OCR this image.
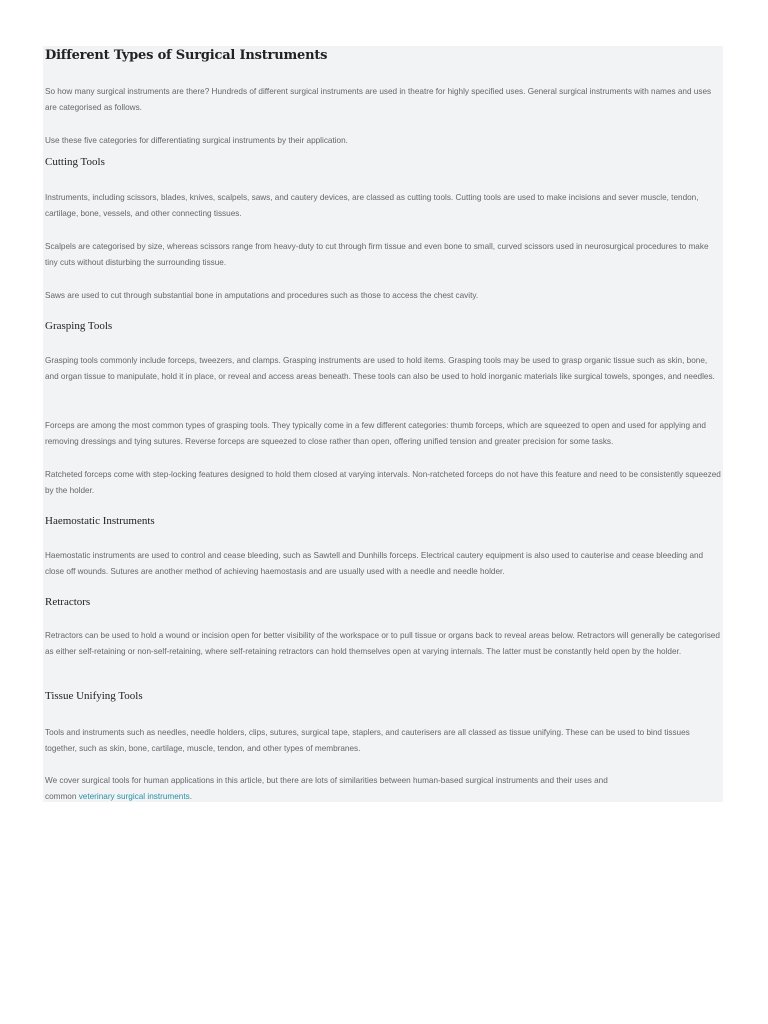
Different Types of Surgical Instruments

So how many surgical instruments are there? Hundreds of different surgical instruments are used in theatre for highly specified uses. General surgical instruments with names and uses are categorised as follows.

Use these five categories for differentiating surgical instruments by their application.

Cutting Tools

Instruments, including scissors, blades, knives, scalpels, saws, and cautery devices, are classed as cutting tools. Cutting tools are used to make incisions and sever muscle, tendon, cartilage, bone, vessels, and other connecting tissues.

Scalpels are categorised by size, whereas scissors range from heavy-duty to cut through firm tissue and even bone to small, curved scissors used in neurosurgical procedures to make tiny cuts without disturbing the surrounding tissue.

Saws are used to cut through substantial bone in amputations and procedures such as those to access the chest cavity.

Grasping Tools

Grasping tools commonly include forceps, tweezers, and clamps. Grasping instruments are used to hold items. Grasping tools may be used to grasp organic tissue such as skin, bone, and organ tissue to manipulate, hold it in place, or reveal and access areas beneath. These tools can also be used to hold inorganic materials like surgical towels, sponges, and needles.

Forceps are among the most common types of grasping tools. They typically come in a few different categories: thumb forceps, which are squeezed to open and used for applying and removing dressings and tying sutures. Reverse forceps are squeezed to close rather than open, offering unified tension and greater precision for some tasks.

Ratcheted forceps come with step-locking features designed to hold them closed at varying intervals. Non-ratcheted forceps do not have this feature and need to be consistently squeezed by the holder.

Haemostatic Instruments

Haemostatic instruments are used to control and cease bleeding, such as Sawtell and Dunhills forceps. Electrical cautery equipment is also used to cauterise and cease bleeding and close off wounds. Sutures are another method of achieving haemostasis and are usually used with a needle and needle holder.

Retractors

Retractors can be used to hold a wound or incision open for better visibility of the workspace or to pull tissue or organs back to reveal areas below. Retractors will generally be categorised as either self-retaining or non-self-retaining, where self-retaining retractors can hold themselves open at varying internals. The latter must be constantly held open by the holder.

Tissue Unifying Tools

Tools and instruments such as needles, needle holders, clips, sutures, surgical tape, staplers, and cauterisers are all classed as tissue unifying. These can be used to bind tissues together, such as skin, bone, cartilage, muscle, tendon, and other types of membranes.

We cover surgical tools for human applications in this article, but there are lots of similarities between human-based surgical instruments and their uses and common veterinary surgical instruments.
